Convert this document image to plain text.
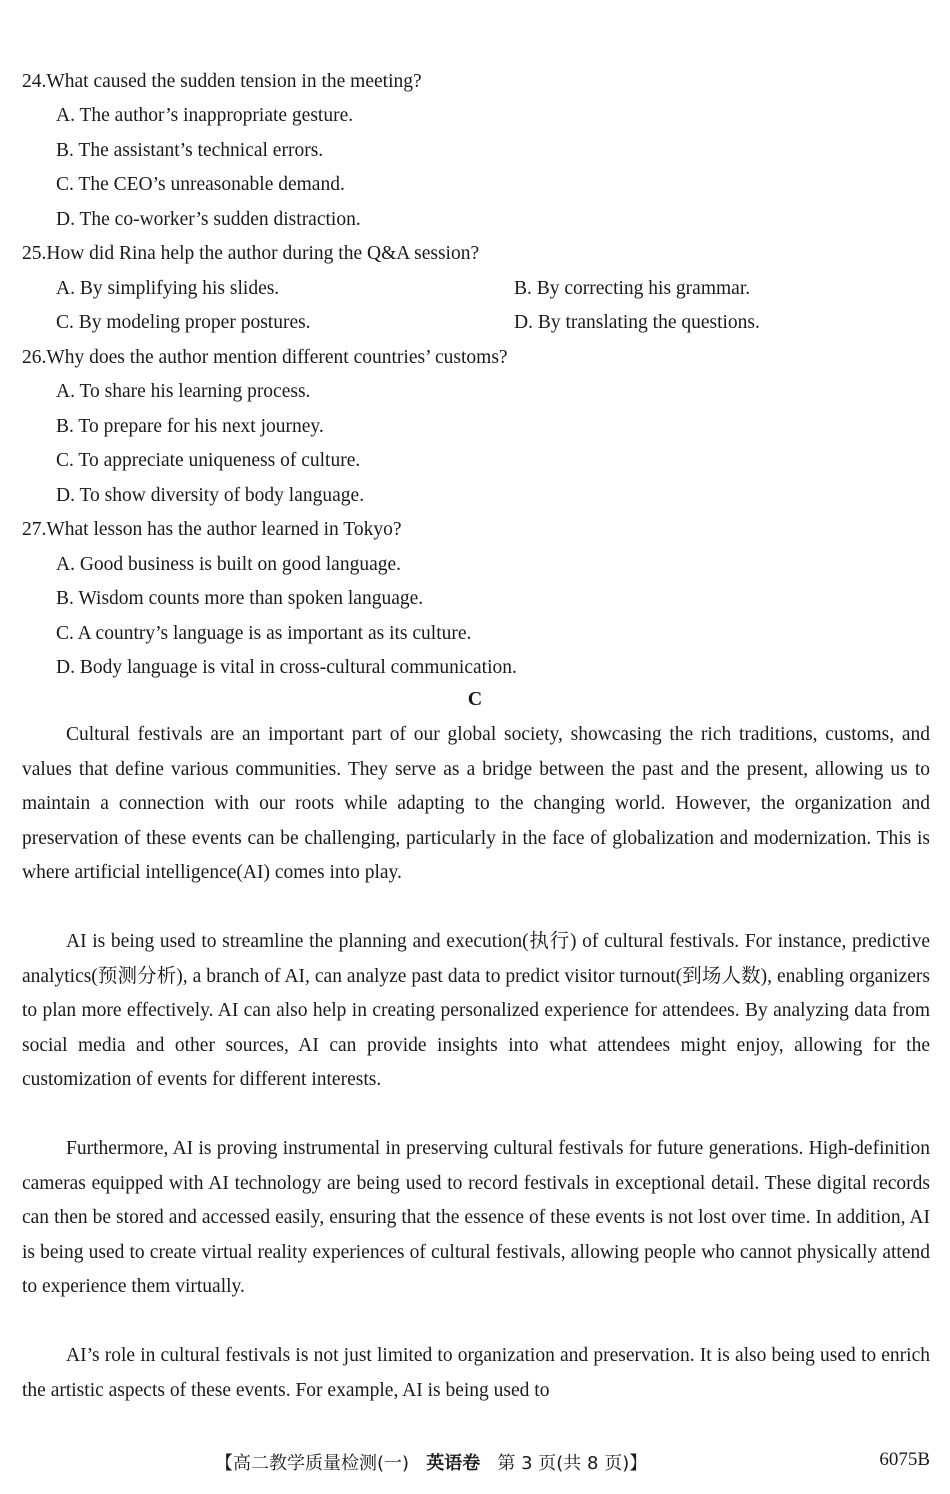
24.What caused the sudden tension in the meeting?
A. The author’s inappropriate gesture.
B. The assistant’s technical errors.
C. The CEO’s unreasonable demand.
D. The co-worker’s sudden distraction.
25.How did Rina help the author during the Q&A session?
A. By simplifying his slides.	B. By correcting his grammar.
C. By modeling proper postures.	D. By translating the questions.
26.Why does the author mention different countries’ customs?
A. To share his learning process.
B. To prepare for his next journey.
C. To appreciate uniqueness of culture.
D. To show diversity of body language.
27.What lesson has the author learned in Tokyo?
A. Good business is built on good language.
B. Wisdom counts more than spoken language.
C. A country’s language is as important as its culture.
D. Body language is vital in cross-cultural communication.
C
Cultural festivals are an important part of our global society, showcasing the rich traditions, customs, and values that define various communities. They serve as a bridge between the past and the present, allowing us to maintain a connection with our roots while adapting to the changing world. However, the organization and preservation of these events can be challenging, particularly in the face of globalization and modernization. This is where artificial intelligence(AI) comes into play.
AI is being used to streamline the planning and execution(执行) of cultural festivals. For instance, predictive analytics(预测分析), a branch of AI, can analyze past data to predict visitor turnout(到场人数), enabling organizers to plan more effectively. AI can also help in creating personalized experience for attendees. By analyzing data from social media and other sources, AI can provide insights into what attendees might enjoy, allowing for the customization of events for different interests.
Furthermore, AI is proving instrumental in preserving cultural festivals for future generations. High-definition cameras equipped with AI technology are being used to record festivals in exceptional detail. These digital records can then be stored and accessed easily, ensuring that the essence of these events is not lost over time. In addition, AI is being used to create virtual reality experiences of cultural festivals, allowing people who cannot physically attend to experience them virtually.
AI’s role in cultural festivals is not just limited to organization and preservation. It is also being used to enrich the artistic aspects of these events. For example, AI is being used to
【高二教学质量检测(一) 英语卷 第 3 页(共 8 页)】	6075B
